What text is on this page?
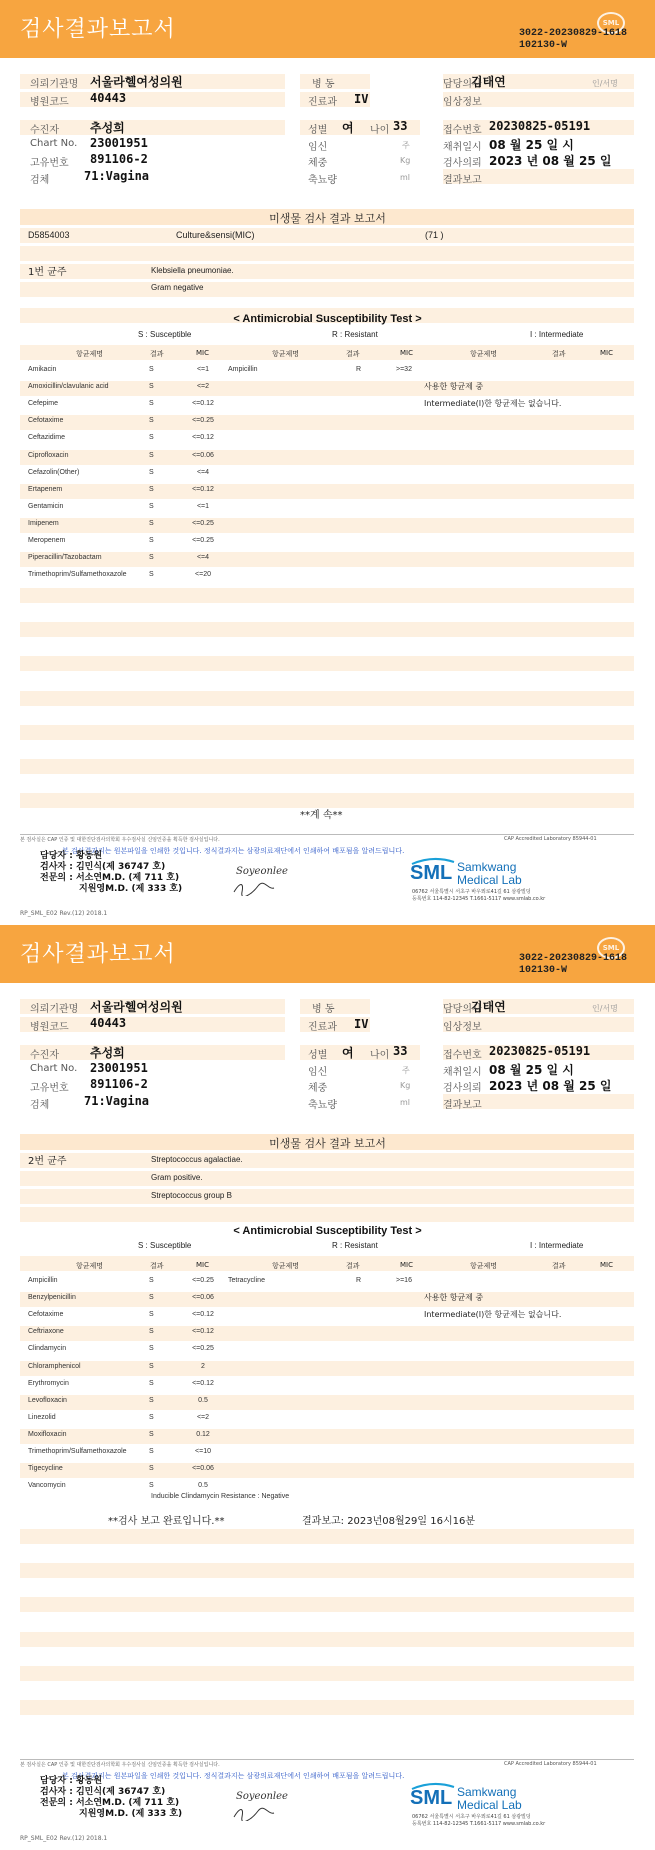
검사결과보고서	SML
3022-20230829-1618
102130-W
의뢰기관명 서울라헬여성의원
병원코드 40443
병 동
진료과 IV
담당의사
김태연	인/서명
임상정보
수진자	추성희
Chart No. 23001951
고유번호 891106-2
검체	71:Vagina
성별 여 나이 33
임신	주
체중	Kg
축뇨량	ml
접수번호 20230825-05191
채취일시 08 월 25 일 시
검사의뢰 2023 년 08 월 25 일
결과보고
미생물 검사 결과 보고서
D5854003	Culture&sensi(MIC)	(71 )
1번 균주	Klebsiella pneumoniae.
Gram negative
< Antimicrobial Susceptibility Test >
S : Susceptible	R : Resistant	I : Intermediate
항균제명	결과	MIC	항균제명	결과	MIC	항균제명	결과	MIC
Amikacin	S	<=1
Amoxicillin/clavulanic acid	S	<=2
Cefepime	S	<=0.12
Cefotaxime	S	<=0.25
Ceftazidime	S	<=0.12
Ciprofloxacin	S	<=0.06
Cefazolin(Other)	S	<=4
Ertapenem	S	<=0.12
Gentamicin	S	<=1
Imipenem	S	<=0.25
Meropenem	S	<=0.25
Piperacillin/Tazobactam	S	<=4
Trimethoprim/Sulfamethoxazole	S	<=20
Ampicillin	R	>=32
사용한 항균제 중
Intermediate(I)한 항균제는 없습니다.
**계 속**
본 검사실은 CAP 인증 및 대한진단검사의학회 우수검사실 신임인증을 획득한 검사실입니다.	CAP Accredited Laboratory 85944-01
본 검사결과지는 원본파일을 인쇄한 것입니다. 정식결과지는 삼광의료재단에서 인쇄하여 배포됨을 알려드립니다.
담당자 : 황동원
검사자 : 김민식(제 36747 호)
전문의 : 서소연M.D. (제 711 호)
지원영M.D. (제 333 호)
Soyeonlee	SML Samkwang
Medical Lab
06762 서울특별시 서초구 바우뫼로41길 61 삼광빌딩
등록번호 114-82-12345 T.1661-5117 www.smlab.co.kr
RP_SML_E02 Rev.(12) 2018.1
검사결과보고서	SML
3022-20230829-1618
102130-W
의뢰기관명 서울라헬여성의원
병원코드 40443
병 동
진료과 IV
담당의사
김태연	인/서명
임상정보
수진자	추성희
Chart No. 23001951
고유번호 891106-2
검체	71:Vagina
성별 여 나이 33
임신	주
체중	Kg
축뇨량	ml
접수번호 20230825-05191
채취일시 08 월 25 일 시
검사의뢰 2023 년 08 월 25 일
결과보고
미생물 검사 결과 보고서
2번 균주	Streptococcus agalactiae.
Gram positive.
Streptococcus group B
< Antimicrobial Susceptibility Test >
S : Susceptible	R : Resistant	I : Intermediate
항균제명	결과	MIC	항균제명	결과	MIC	항균제명	결과	MIC
Ampicillin	S	<=0.25
Benzylpenicillin	S	<=0.06
Cefotaxime	S	<=0.12
Ceftriaxone	S	<=0.12
Clindamycin	S	<=0.25
Chloramphenicol	S	2
Erythromycin	S	<=0.12
Levofloxacin	S	0.5
Linezolid	S	<=2
Moxifloxacin	S	0.12
Trimethoprim/Sulfamethoxazole	S	<=10
Tigecycline	S	<=0.06
Vancomycin	S	0.5
Tetracycline	R	>=16
사용한 항균제 중
Intermediate(I)한 항균제는 없습니다.
Inducible Clindamycin Resistance : Negative
**검사 보고 완료입니다.**	결과보고: 2023년08월29일 16시16분
본 검사실은 CAP 인증 및 대한진단검사의학회 우수검사실 신임인증을 획득한 검사실입니다.	CAP Accredited Laboratory 85944-01
본 검사결과지는 원본파일을 인쇄한 것입니다. 정식결과지는 삼광의료재단에서 인쇄하여 배포됨을 알려드립니다.
담당자 : 황동원
검사자 : 김민식(제 36747 호)
전문의 : 서소연M.D. (제 711 호)
지원영M.D. (제 333 호)
Soyeonlee	SML Samkwang
Medical Lab
06762 서울특별시 서초구 바우뫼로41길 61 삼광빌딩
등록번호 114-82-12345 T.1661-5117 www.smlab.co.kr
RP_SML_E02 Rev.(12) 2018.1
